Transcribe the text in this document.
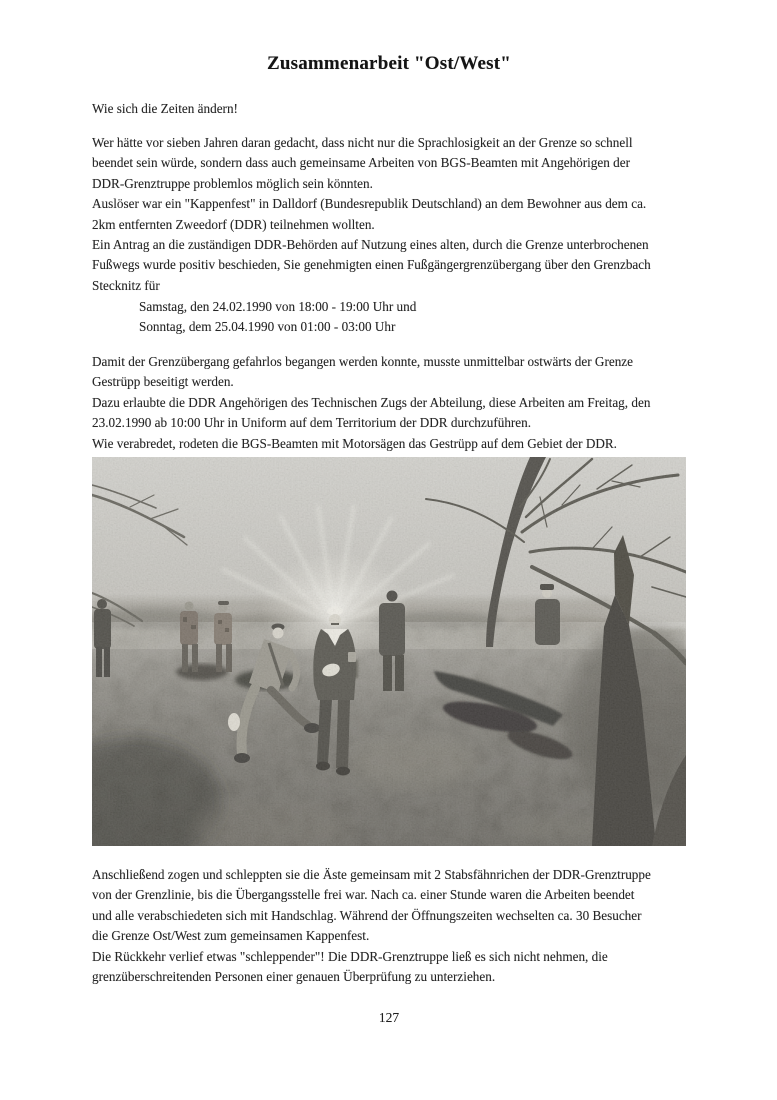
Zusammenarbeit "Ost/West"
Wie sich die Zeiten ändern!
Wer hätte vor sieben Jahren daran gedacht, dass nicht nur die Sprachlosigkeit an der Grenze so schnell
beendet sein würde, sondern dass auch gemeinsame Arbeiten von BGS-Beamten mit Angehörigen der
DDR-Grenztruppe problemlos möglich sein könnten.
Auslöser war ein "Kappenfest" in Dalldorf (Bundesrepublik Deutschland) an dem Bewohner aus dem ca.
2km entfernten Zweedorf (DDR) teilnehmen wollten.
Ein Antrag an die zuständigen DDR-Behörden auf Nutzung eines alten, durch die Grenze unterbrochenen
Fußwegs wurde positiv beschieden, Sie genehmigten einen Fußgängergrenzübergang über den Grenzbach
Stecknitz für
Samstag, den 24.02.1990 von 18:00 - 19:00 Uhr und
Sonntag, dem 25.04.1990 von 01:00 - 03:00 Uhr
Damit der Grenzübergang gefahrlos begangen werden konnte, musste unmittelbar ostwärts der Grenze
Gestrüpp beseitigt werden.
Dazu erlaubte die DDR Angehörigen des Technischen Zugs der Abteilung, diese Arbeiten am Freitag, den
23.02.1990 ab 10:00 Uhr in Uniform auf dem Territorium der DDR durchzuführen.
Wie verabredet, rodeten die BGS-Beamten mit Motorsägen das Gestrüpp auf dem Gebiet der DDR.
Anschließend zogen und schleppten sie die Äste gemeinsam mit 2 Stabsfähnrichen der DDR-Grenztruppe
von der Grenzlinie, bis die Übergangsstelle frei war. Nach ca. einer Stunde waren die Arbeiten beendet
und alle verabschiedeten sich mit Handschlag. Während der Öffnungszeiten wechselten ca. 30 Besucher
die Grenze Ost/West zum gemeinsamen Kappenfest.
Die Rückkehr verlief etwas "schleppender"! Die DDR-Grenztruppe ließ es sich nicht nehmen, die
grenzüberschreitenden Personen einer genauen Überprüfung zu unterziehen.
127
